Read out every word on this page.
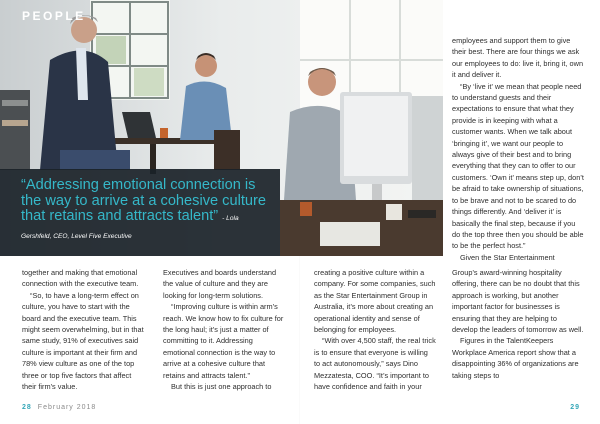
PEOPLE
“Addressing emotional connection is the way to arrive at a cohesive culture that retains and attracts talent” - Lola Gershfeld, CEO, Level Five Executive

employees and support them to give their best. There are four things we ask our employees to do: live it, bring it, own it and deliver it.

“By ‘live it’ we mean that people need to understand guests and their expectations to ensure that what they provide is in keeping with what a customer wants. When we talk about ‘bringing it’, we want our people to always give of their best and to bring everything that they can to offer to our customers. ‘Own it’ means step up, don’t be afraid to take ownership of situations, to be brave and not to be scared to do things differently. And ‘deliver it’ is basically the final step, because if you do the top three then you should be able to be the perfect host.”

Given the Star Entertainment

together and making that emotional connection with the executive team.

“So, to have a long-term effect on culture, you have to start with the board and the executive team. This might seem overwhelming, but in that same study, 91% of executives said culture is important at their firm and 78% view culture as one of the top three or top five factors that affect their firm’s value.

Executives and boards understand the value of culture and they are looking for long-term solutions.

“Improving culture is within arm’s reach. We know how to fix culture for the long haul; it’s just a matter of committing to it. Addressing emotional connection is the way to arrive at a cohesive culture that retains and attracts talent.”

But this is just one approach to

creating a positive culture within a company. For some companies, such as the Star Entertainment Group in Australia, it’s more about creating an operational identity and sense of belonging for employees.

“With over 4,500 staff, the real trick is to ensure that everyone is willing to act autonomously,” says Dino Mezzatesta, COO. “It’s important to have confidence and faith in your

Group’s award-winning hospitality offering, there can be no doubt that this approach is working, but another important factor for businesses is ensuring that they are helping to develop the leaders of tomorrow as well.

Figures in the TalentKeepers Workplace America report show that a disappointing 36% of organizations are taking steps to

28 February 2018	29
